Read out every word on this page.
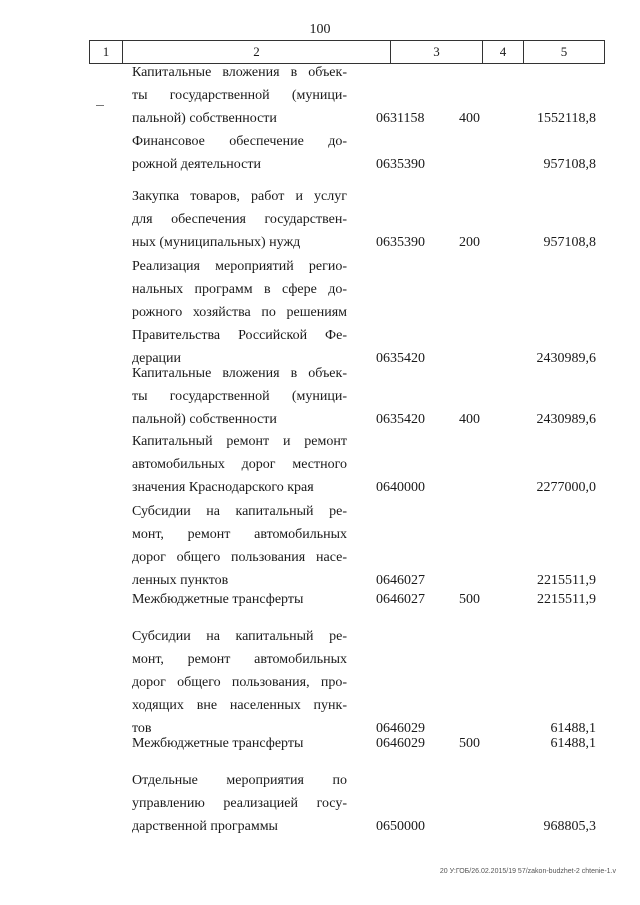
100
1	2	3	4	5
Капитальные вложения в объек-
ты государственной (муници-
пальной) собственности	0631158 400	1552118,8
Финансовое обеспечение до-
рожной деятельности	0635390	957108,8
Закупка товаров, работ и услуг
для обеспечения государствен-
ных (муниципальных) нужд	0635390 200	957108,8
Реализация мероприятий регио-
нальных программ в сфере до-
рожного хозяйства по решениям
Правительства Российской Фе-
дерации	0635420	2430989,6
Капитальные вложения в объек-
ты государственной (муници-
пальной) собственности	0635420 400	2430989,6
Капитальный ремонт и ремонт
автомобильных дорог местного
значения Краснодарского края	0640000	2277000,0
Субсидии на капитальный ре-
монт, ремонт автомобильных
дорог общего пользования насе-
ленных пунктов	0646027	2215511,9
Межбюджетные трансферты	0646027 500	2215511,9
Субсидии на капитальный ре-
монт, ремонт автомобильных
дорог общего пользования, про-
ходящих вне населенных пунк-
тов	0646029	61488,1
Межбюджетные трансферты	0646029 500	61488,1
Отдельные мероприятия по
управлению реализацией госу-
дарственной программы	0650000	968805,3
20 У:ГОБ/26.02.2015/19 57/zakon-budzhet-2 chtenie-1.v
